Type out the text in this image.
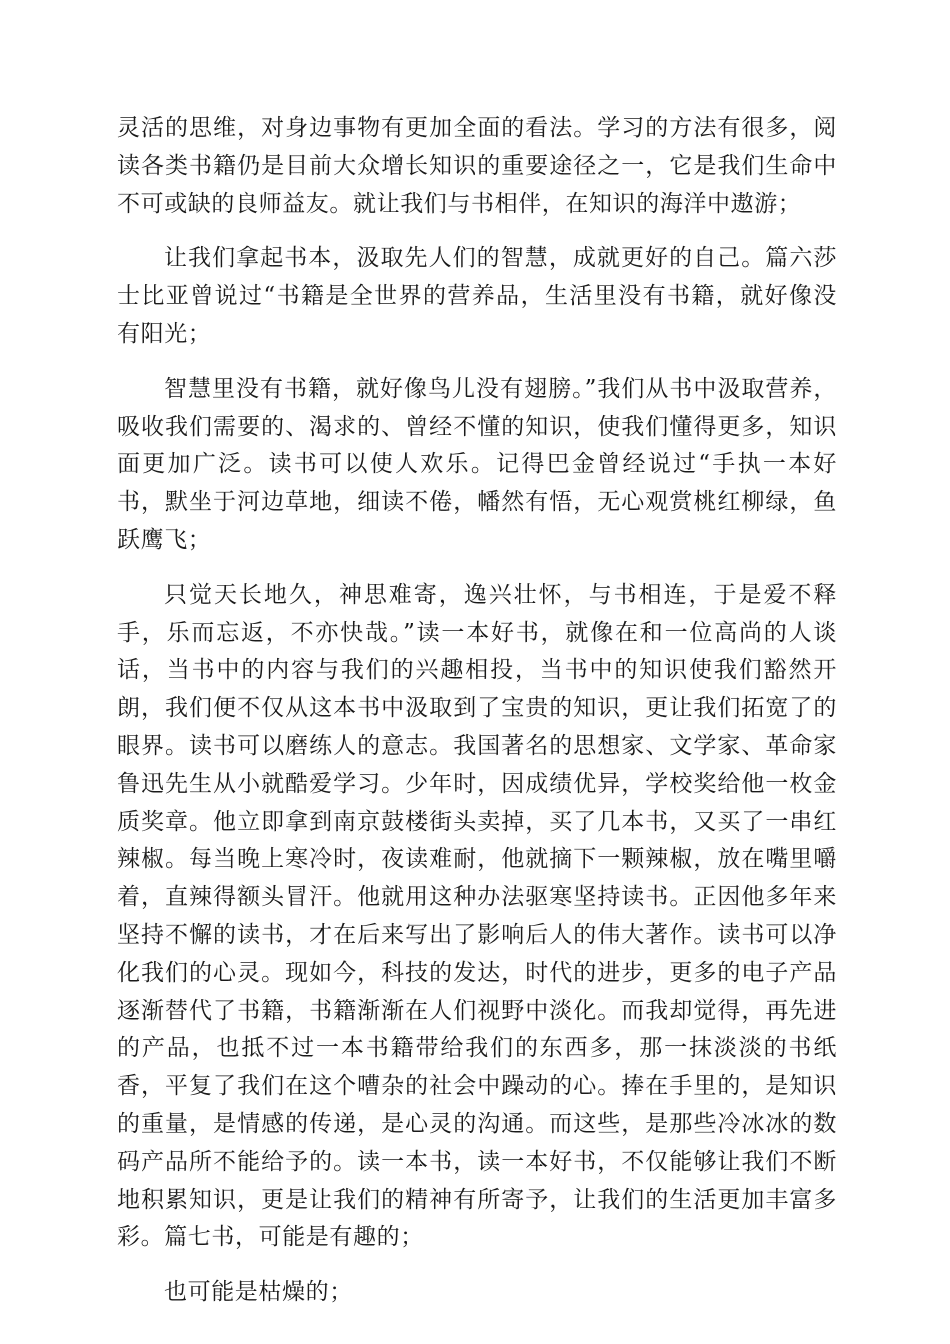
灵活的思维，对身边事物有更加全面的看法。学习的方法有很多，阅读各类书籍仍是目前大众增长知识的重要途径之一，它是我们生命中不可或缺的良师益友。就让我们与书相伴，在知识的海洋中遨游；

让我们拿起书本，汲取先人们的智慧，成就更好的自己。篇六莎士比亚曾说过“书籍是全世界的营养品，生活里没有书籍，就好像没有阳光；

智慧里没有书籍，就好像鸟儿没有翅膀。”我们从书中汲取营养，吸收我们需要的、渴求的、曾经不懂的知识，使我们懂得更多，知识面更加广泛。读书可以使人欢乐。记得巴金曾经说过“手执一本好书，默坐于河边草地，细读不倦，幡然有悟，无心观赏桃红柳绿，鱼跃鹰飞；

只觉天长地久，神思难寄，逸兴壮怀，与书相连，于是爱不释手，乐而忘返，不亦快哉。”读一本好书，就像在和一位高尚的人谈话，当书中的内容与我们的兴趣相投，当书中的知识使我们豁然开朗，我们便不仅从这本书中汲取到了宝贵的知识，更让我们拓宽了的眼界。读书可以磨练人的意志。我国著名的思想家、文学家、革命家鲁迅先生从小就酷爱学习。少年时，因成绩优异，学校奖给他一枚金质奖章。他立即拿到南京鼓楼街头卖掉，买了几本书，又买了一串红辣椒。每当晚上寒冷时，夜读难耐，他就摘下一颗辣椒，放在嘴里嚼着，直辣得额头冒汗。他就用这种办法驱寒坚持读书。正因他多年来坚持不懈的读书，才在后来写出了影响后人的伟大著作。读书可以净化我们的心灵。现如今，科技的发达，时代的进步，更多的电子产品逐渐替代了书籍，书籍渐渐在人们视野中淡化。而我却觉得，再先进的产品，也抵不过一本书籍带给我们的东西多，那一抹淡淡的书纸香，平复了我们在这个嘈杂的社会中躁动的心。捧在手里的，是知识的重量，是情感的传递，是心灵的沟通。而这些，是那些冷冰冰的数码产品所不能给予的。读一本书，读一本好书，不仅能够让我们不断地积累知识，更是让我们的精神有所寄予，让我们的生活更加丰富多彩。篇七书，可能是有趣的；

也可能是枯燥的；
